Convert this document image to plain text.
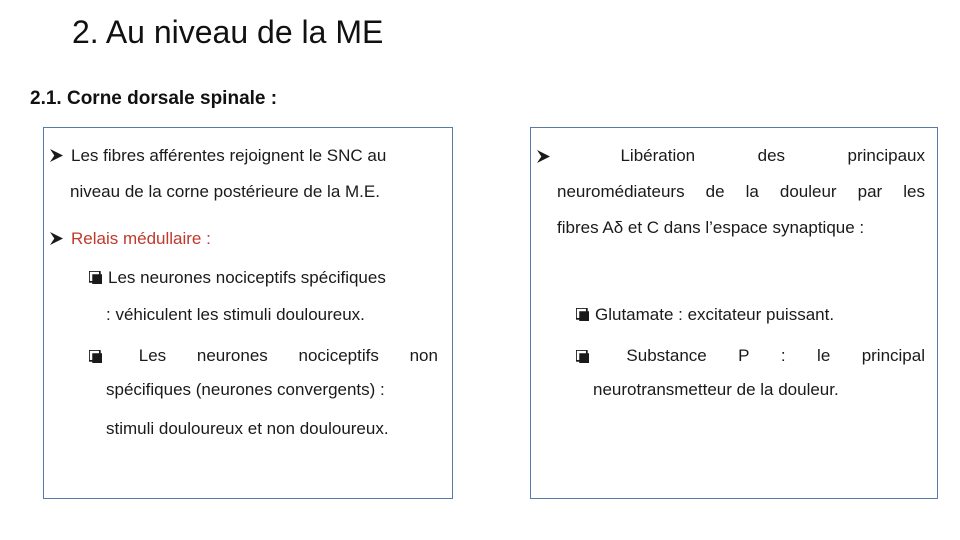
2. Au niveau de la ME
2.1. Corne dorsale spinale :
Les fibres afférentes rejoignent le SNC au
niveau de la corne postérieure de la M.E.
Relais médullaire :
Les neurones nociceptifs spécifiques
: véhiculent les stimuli douloureux.
Les neurones nociceptifs non
spécifiques (neurones convergents) :
stimuli douloureux et non douloureux.
Libération	des	principaux
neuromédiateurs de la douleur par les
fibres Aδ et C dans l’espace synaptique :
Glutamate : excitateur puissant.
Substance P : le principal
neurotransmetteur de la douleur.
